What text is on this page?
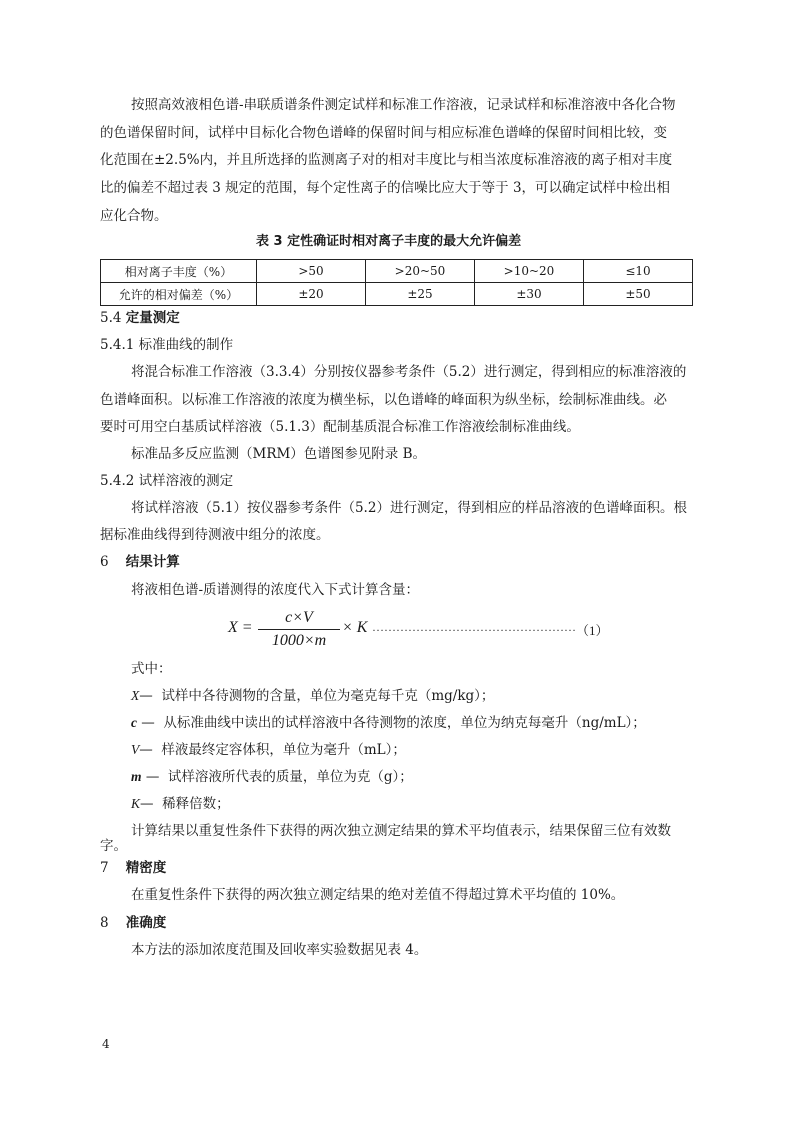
按照高效液相色谱-串联质谱条件测定试样和标准工作溶液，记录试样和标准溶液中各化合物
的色谱保留时间，试样中目标化合物色谱峰的保留时间与相应标准色谱峰的保留时间相比较，变
化范围在±2.5%内，并且所选择的监测离子对的相对丰度比与相当浓度标准溶液的离子相对丰度
比的偏差不超过表 3 规定的范围，每个定性离子的信噪比应大于等于 3，可以确定试样中检出相
应化合物。
表 3 定性确证时相对离子丰度的最大允许偏差
相对离子丰度（%）	>50	>20~50	>10~20	≤10
允许的相对偏差（%）	±20	±25	±30	±50
5.4 定量测定
5.4.1 标准曲线的制作
将混合标准工作溶液（3.3.4）分别按仪器参考条件（5.2）进行测定，得到相应的标准溶液的
色谱峰面积。以标准工作溶液的浓度为横坐标，以色谱峰的峰面积为纵坐标，绘制标准曲线。必
要时可用空白基质试样溶液（5.1.3）配制基质混合标准工作溶液绘制标准曲线。
标准品多反应监测（MRM）色谱图参见附录 B。
5.4.2 试样溶液的测定
将试样溶液（5.1）按仪器参考条件（5.2）进行测定，得到相应的样品溶液的色谱峰面积。根
据标准曲线得到待测液中组分的浓度。
6 结果计算
将液相色谱-质谱测得的浓度代入下式计算含量：
X =
c×V
1000×m
× K …………………………………………… （1）
式中：
X— 试样中各待测物的含量，单位为毫克每千克（mg/kg）；
c — 从标准曲线中读出的试样溶液中各待测物的浓度，单位为纳克每毫升（ng/mL）；
V— 样液最终定容体积，单位为毫升（mL）；
m — 试样溶液所代表的质量，单位为克（g）；
K— 稀释倍数；
计算结果以重复性条件下获得的两次独立测定结果的算术平均值表示，结果保留三位有效数
字。
7 精密度
在重复性条件下获得的两次独立测定结果的绝对差值不得超过算术平均值的 10%。
8 准确度
本方法的添加浓度范围及回收率实验数据见表 4。
4
